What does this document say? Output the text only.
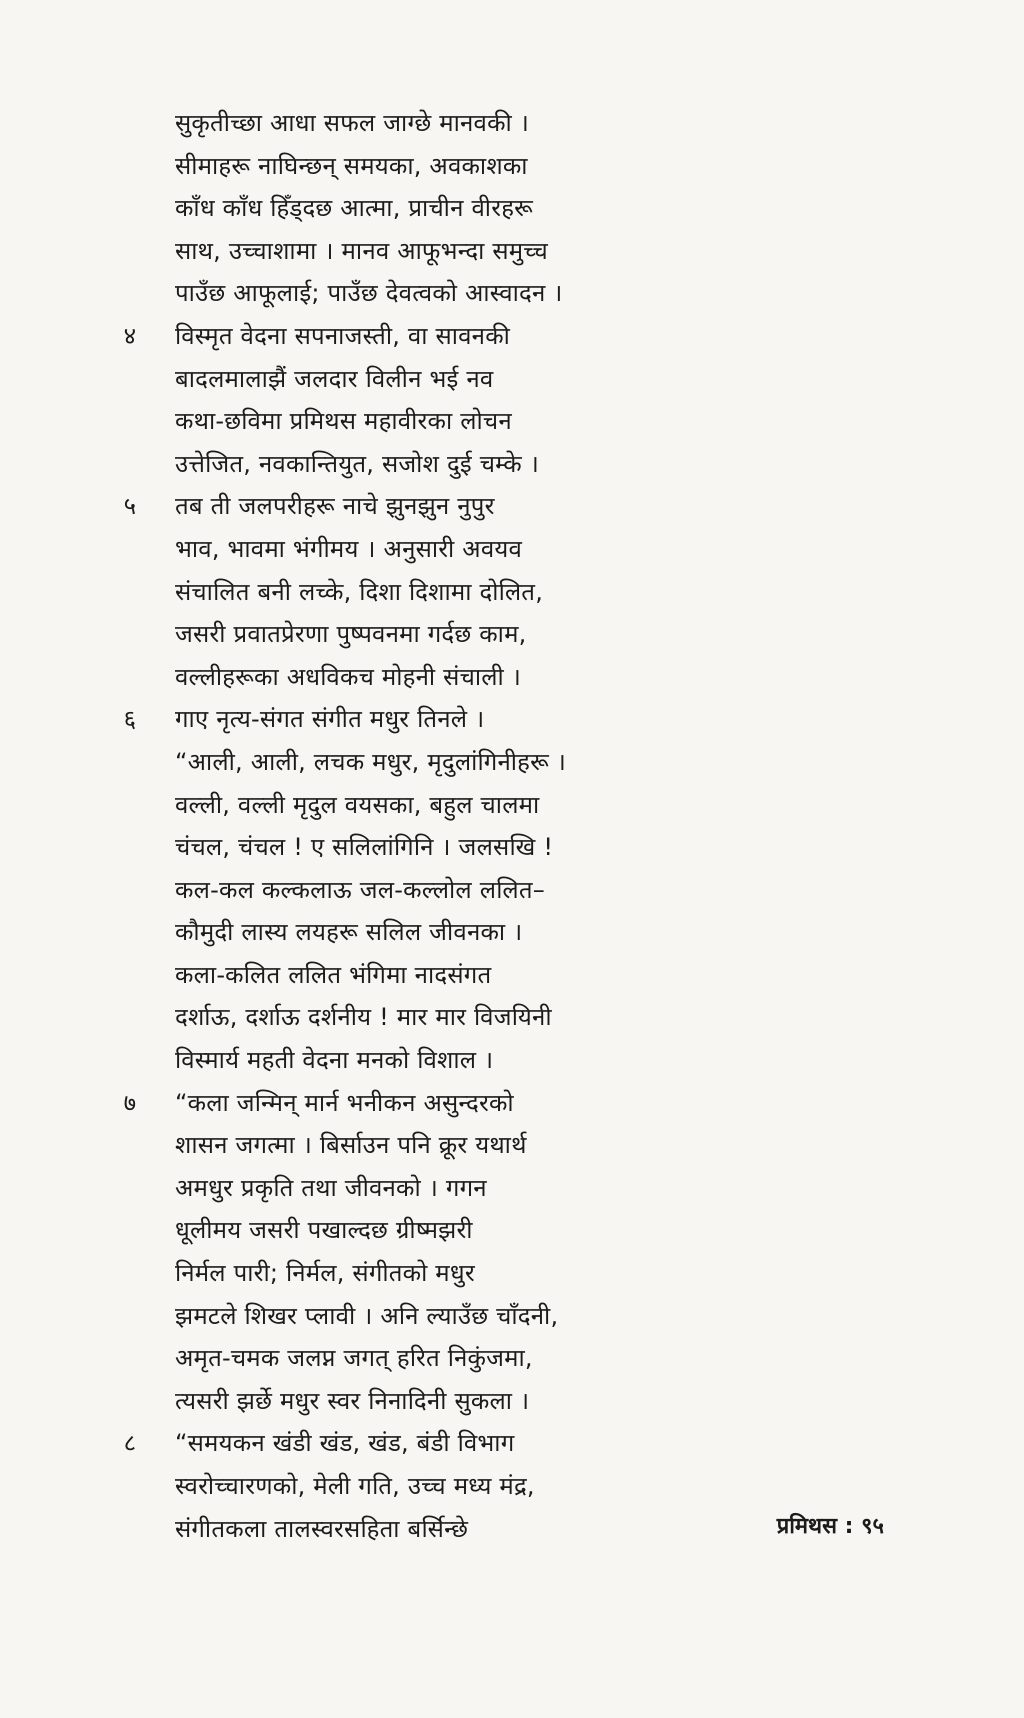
सुकृतीच्छा आधा सफल जाग्छे मानवकी ।
सीमाहरू नाघिन्छन् समयका, अवकाशका
काँध काँध हिँड्दछ आत्मा, प्राचीन वीरहरू
साथ, उच्चाशामा । मानव आफूभन्दा समुच्च
पाउँछ आफूलाई; पाउँछ देवत्वको आस्वादन ।
४	विस्मृत वेदना सपनाजस्ती, वा सावनकी
बादलमालाझैं जलदार विलीन भई नव
कथा-छविमा प्रमिथस महावीरका लोचन
उत्तेजित, नवकान्तियुत, सजोश दुई चम्के ।
५	तब ती जलपरीहरू नाचे झुनझुन नुपुर
भाव, भावमा भंगीमय । अनुसारी अवयव
संचालित बनी लच्के, दिशा दिशामा दोलित,
जसरी प्रवातप्रेरणा पुष्पवनमा गर्दछ काम,
वल्लीहरूका अधविकच मोहनी संचाली ।
६	गाए नृत्य-संगत संगीत मधुर तिनले ।
“आली, आली, लचक मधुर, मृदुलांगिनीहरू ।
वल्ली, वल्ली मृदुल वयसका, बहुल चालमा
चंचल, चंचल ! ए सलिलांगिनि । जलसखि !
कल-कल कल्कलाऊ जल-कल्लोल ललित–
कौमुदी लास्य लयहरू सलिल जीवनका ।
कला-कलित ललित भंगिमा नादसंगत
दर्शाऊ, दर्शाऊ दर्शनीय ! मार मार विजयिनी
विस्मार्य महती वेदना मनको विशाल ।
७	“कला जन्मिन् मार्न भनीकन असुन्दरको
शासन जगत्मा । बिर्साउन पनि क्रूर यथार्थ
अमधुर प्रकृति तथा जीवनको । गगन
धूलीमय जसरी पखाल्दछ ग्रीष्मझरी
निर्मल पारी; निर्मल, संगीतको मधुर
झमटले शिखर प्लावी । अनि ल्याउँछ चाँदनी,
अमृत-चमक जलप्न जगत् हरित निकुंजमा,
त्यसरी झर्छे मधुर स्वर निनादिनी सुकला ।
८	“समयकन खंडी खंड, खंड, बंडी विभाग
स्वरोच्चारणको, मेली गति, उच्च मध्य मंद्र,
संगीतकला तालस्वरसहिता बर्सिन्छे	प्रमिथस : ९५
